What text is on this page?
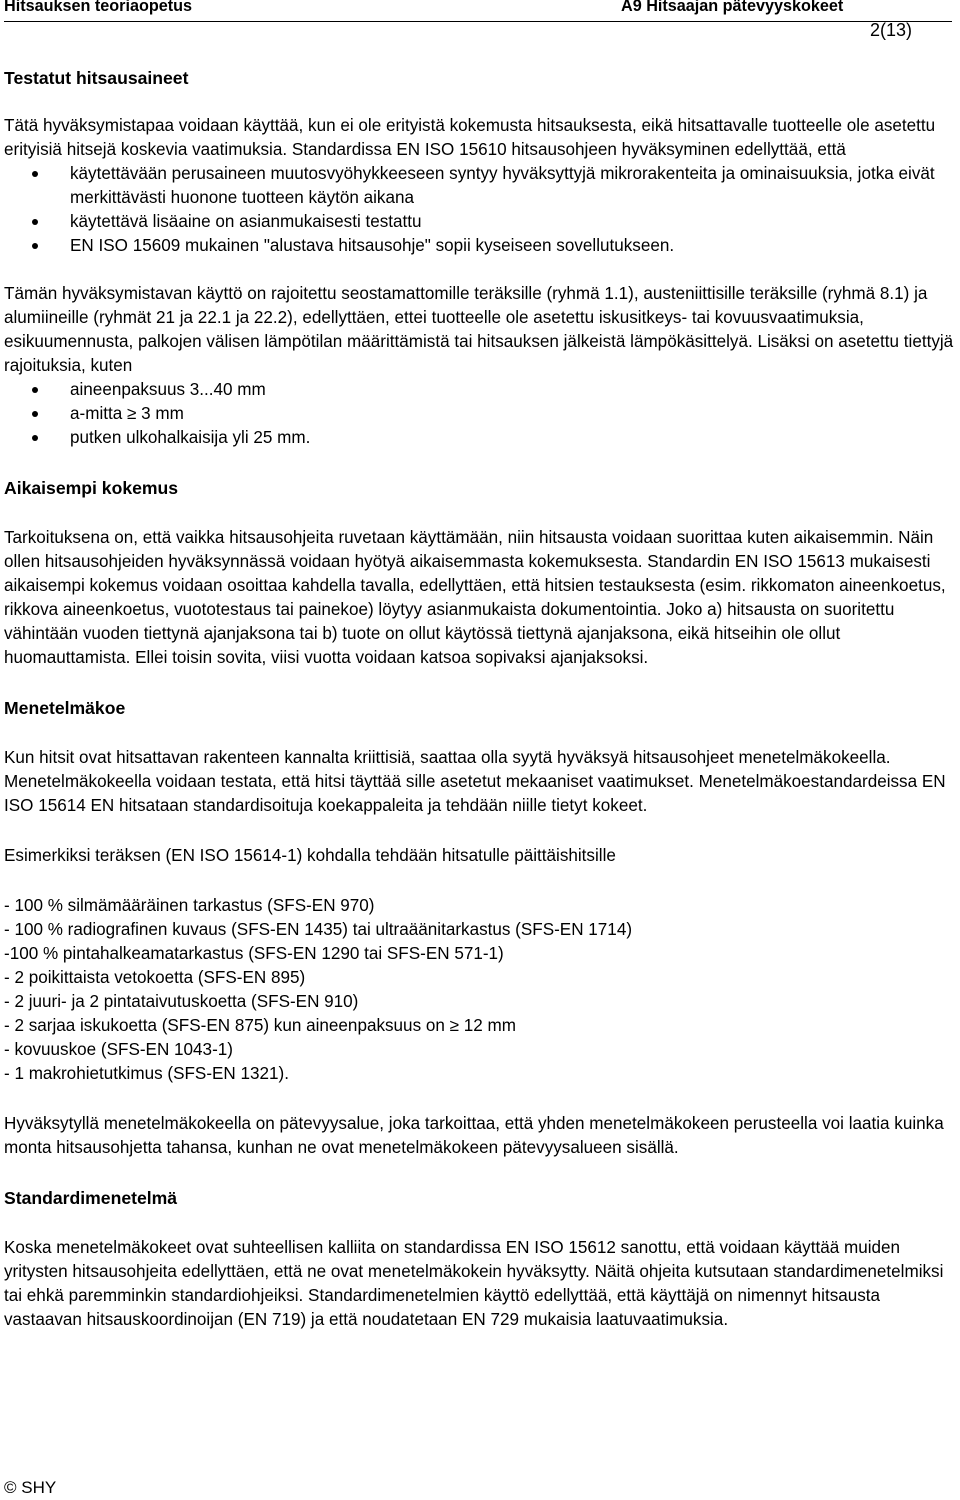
Hitsauksen teoriaopetus	A9 Hitsaajan pätevyyskokeet
2(13)
Testatut hitsausaineet

Tätä hyväksymistapaa voidaan käyttää, kun ei ole erityistä kokemusta hitsauksesta, eikä hitsattavalle tuotteelle ole asetettu erityisiä hitsejä koskevia vaatimuksia. Standardissa EN ISO 15610 hitsausohjeen hyväksyminen edellyttää, että

käytettävään perusaineen muutosvyöhykkeeseen syntyy hyväksyttyjä mikrorakenteita ja ominaisuuksia, jotka eivät merkittävästi huonone tuotteen käytön aikana
käytettävä lisäaine on asianmukaisesti testattu
EN ISO 15609 mukainen "alustava hitsausohje" sopii kyseiseen sovellutukseen.

Tämän hyväksymistavan käyttö on rajoitettu seostamattomille teräksille (ryhmä 1.1), austeniittisille teräksille (ryhmä 8.1) ja alumiineille (ryhmät 21 ja 22.1 ja 22.2), edellyttäen, ettei tuotteelle ole asetettu iskusitkeys- tai kovuusvaatimuksia, esikuumennusta, palkojen välisen lämpötilan määrittämistä tai hitsauksen jälkeistä lämpökäsittelyä. Lisäksi on asetettu tiettyjä rajoituksia, kuten

aineenpaksuus 3...40 mm
a-mitta ≥ 3 mm
putken ulkohalkaisija yli 25 mm.
Aikaisempi kokemus

Tarkoituksena on, että vaikka hitsausohjeita ruvetaan käyttämään, niin hitsausta voidaan suorittaa kuten aikaisemmin. Näin ollen hitsausohjeiden hyväksynnässä voidaan hyötyä aikaisemmasta kokemuksesta. Standardin EN ISO 15613 mukaisesti aikaisempi kokemus voidaan osoittaa kahdella tavalla, edellyttäen, että hitsien testauksesta (esim. rikkomaton aineenkoetus, rikkova aineenkoetus, vuototestaus tai painekoe) löytyy asianmukaista dokumentointia. Joko a) hitsausta on suoritettu vähintään vuoden tiettynä ajanjaksona tai b) tuote on ollut käytössä tiettynä ajanjaksona, eikä hitseihin ole ollut huomauttamista. Ellei toisin sovita, viisi vuotta voidaan katsoa sopivaksi ajanjaksoksi.

Menetelmäkoe

Kun hitsit ovat hitsattavan rakenteen kannalta kriittisiä, saattaa olla syytä hyväksyä hitsausohjeet menetelmäkokeella. Menetelmäkokeella voidaan testata, että hitsi täyttää sille asetetut mekaaniset vaatimukset. Menetelmäkoestandardeissa EN ISO 15614 EN hitsataan standardisoituja koekappaleita ja tehdään niille tietyt kokeet.

Esimerkiksi teräksen (EN ISO 15614-1) kohdalla tehdään hitsatulle päittäishitsille

- 100 % silmämääräinen tarkastus (SFS-EN 970)
- 100 % radiografinen kuvaus (SFS-EN 1435) tai ultraäänitarkastus (SFS-EN 1714)
-100 % pintahalkeamatarkastus (SFS-EN 1290 tai SFS-EN 571-1)
- 2 poikittaista vetokoetta (SFS-EN 895)
- 2 juuri- ja 2 pintataivutuskoetta (SFS-EN 910)
- 2 sarjaa iskukoetta (SFS-EN 875) kun aineenpaksuus on ≥ 12 mm
- kovuuskoe (SFS-EN 1043-1)
- 1 makrohietutkimus (SFS-EN 1321).

Hyväksytyllä menetelmäkokeella on pätevyysalue, joka tarkoittaa, että yhden menetelmäkokeen perusteella voi laatia kuinka monta hitsausohjetta tahansa, kunhan ne ovat menetelmäkokeen pätevyysalueen sisällä.

Standardimenetelmä

Koska menetelmäkokeet ovat suhteellisen kalliita on standardissa EN ISO 15612 sanottu, että voidaan käyttää muiden yritysten hitsausohjeita edellyttäen, että ne ovat menetelmäkokein hyväksytty. Näitä ohjeita kutsutaan standardimenetelmiksi tai ehkä paremminkin standardiohjeiksi. Standardimenetelmien käyttö edellyttää, että käyttäjä on nimennyt hitsausta vastaavan hitsauskoordinoijan (EN 719) ja että noudatetaan EN 729 mukaisia laatuvaatimuksia.

© SHY
